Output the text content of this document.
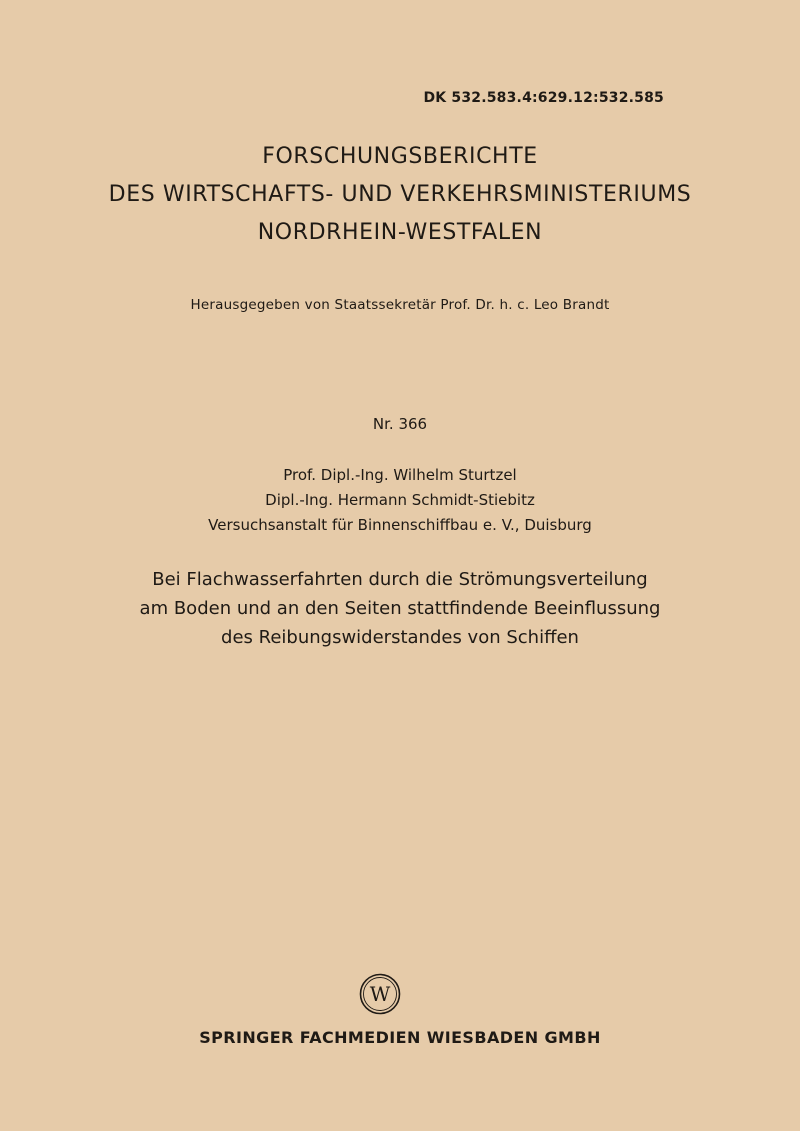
DK 532.583.4:629.12:532.585
FORSCHUNGSBERICHTE
DES WIRTSCHAFTS- UND VERKEHRSMINISTERIUMS
NORDRHEIN-WESTFALEN
Herausgegeben von Staatssekretär Prof. Dr. h. c. Leo Brandt
Nr. 366
Prof. Dipl.-Ing. Wilhelm Sturtzel
Dipl.-Ing. Hermann Schmidt-Stiebitz
Versuchsanstalt für Binnenschiffbau e. V., Duisburg
Bei Flachwasserfahrten durch die Strömungsverteilung
am Boden und an den Seiten stattfindende Beeinflussung
des Reibungswiderstandes von Schiffen
W
SPRINGER FACHMEDIEN WIESBADEN GMBH
